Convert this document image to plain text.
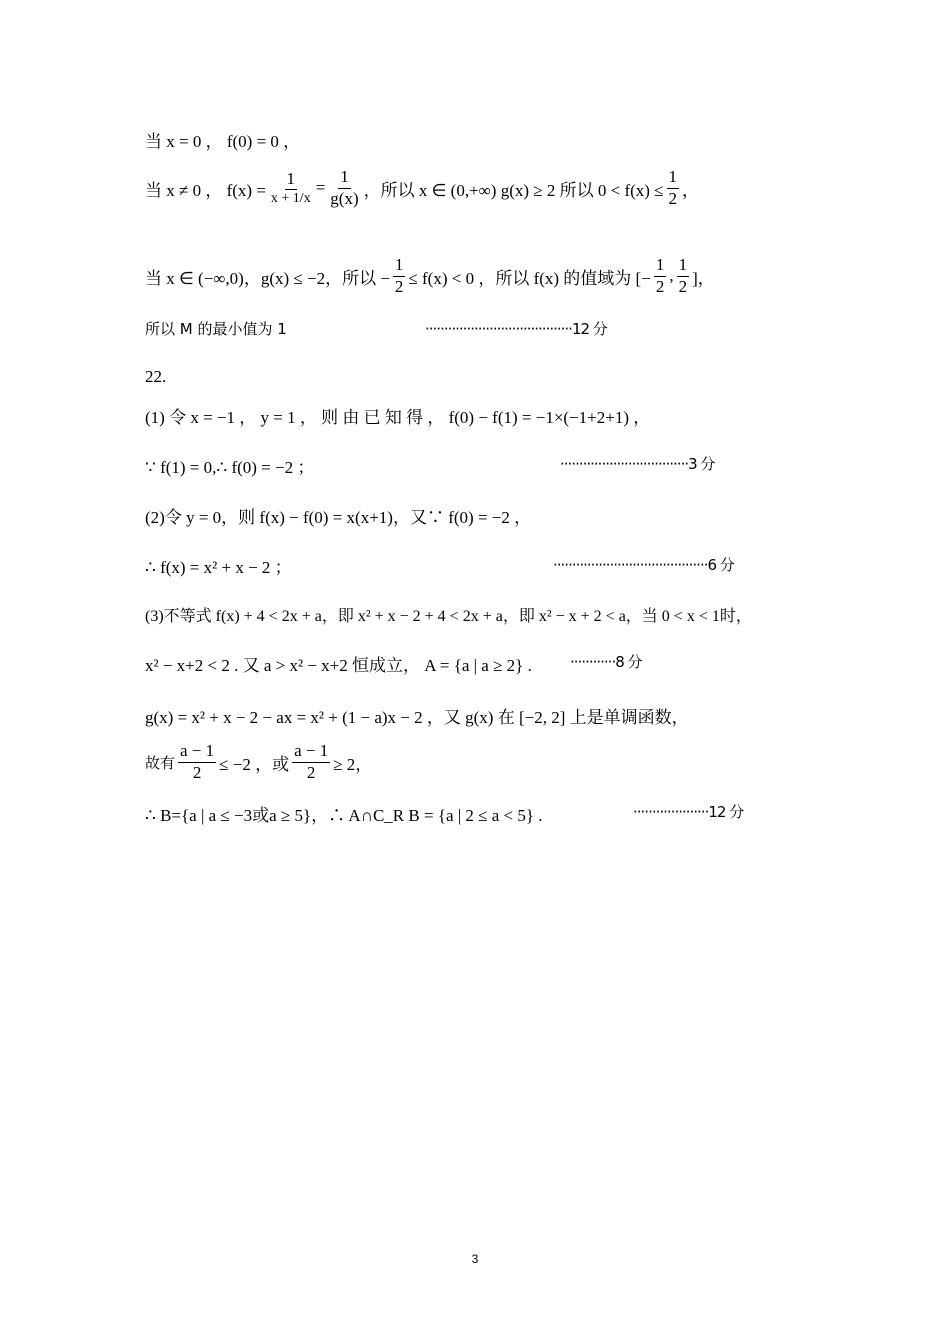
当 x = 0 ， f(0) = 0 ，
当 x ≠ 0 ， $f(x) = \frac{1}{x + 1/x} = \frac{1}{g(x)}$ ，所以 x ∈ (0,+∞) g(x) ≥ 2 所以 $0 < f(x) \le \frac{1}{2}$ ，
当 x ∈ (−∞,0)，g(x) ≤ −2，所以 − $\frac{1}{2} \le f(x) < 0$ ，所以 f(x) 的值域为 [− $\frac{1}{2}$ , $\frac{1}{2}$ ]，
所以 M 的最小值为 1	·······································12 分
22.
(1) 令 x = −1 ， y = 1 ， 则 由 已 知 得 ， f(0) − f(1) = −1×(−1+2+1) ，
∵ f(1) = 0,∴ f(0) = −2 ；	··································3 分
(2)令 y = 0，则 f(x) − f(0) = x(x+1)，又∵ f(0) = −2 ，
∴ f(x) = x² + x − 2 ；	·········································6 分
(3)不等式 f(x) + 4 < 2x + a，即 x² + x − 2 + 4 < 2x + a，即 x² − x + 2 < a，当 0 < x < 1时，
x² − x+2 < 2 . 又 a > x² − x+2 恒成立， A = {a | a ≥ 2} .	············8 分
g(x) = x² + x − 2 − ax = x² + (1 − a)x − 2 ，又 g(x) 在 [−2, 2] 上是单调函数，
故有 $\frac{a - 1}{2} \le -2$ ，或 $\frac{a - 1}{2} \ge 2$，
∴ B={a | a ≤ −3或a ≥ 5}，∴ A∩C_R B = {a | 2 ≤ a < 5} .	····················12 分
3
